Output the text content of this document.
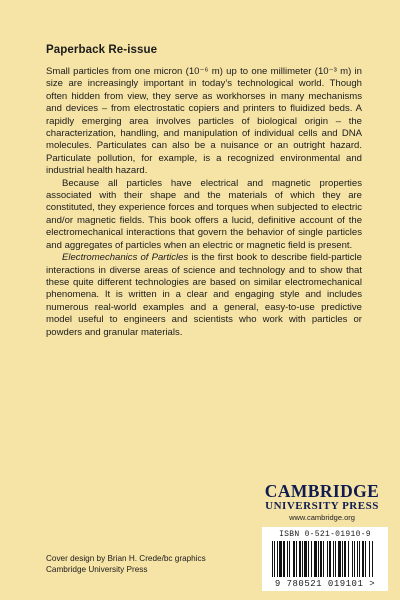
Paperback Re-issue

Small particles from one micron (10⁻⁶ m) up to one millimeter (10⁻³ m) in size are increasingly important in today’s technological world. Though often hidden from view, they serve as workhorses in many mechanisms and devices – from electrostatic copiers and printers to fluidized beds. A rapidly emerging area involves particles of biological origin – the characterization, handling, and manipulation of individual cells and DNA molecules. Particulates can also be a nuisance or an outright hazard. Particulate pollution, for example, is a recognized environmental and industrial health hazard.

Because all particles have electrical and magnetic properties associated with their shape and the materials of which they are constituted, they experience forces and torques when subjected to electric and/or magnetic fields. This book offers a lucid, definitive account of the electromechanical interactions that govern the behavior of single particles and aggregates of particles when an electric or magnetic field is present.

Electromechanics of Particles is the first book to describe field-particle interactions in diverse areas of science and technology and to show that these quite different technologies are based on similar electromechanical phenomena. It is written in a clear and engaging style and includes numerous real-world examples and a general, easy-to-use predictive model useful to engineers and scientists who work with particles or powders and granular materials.

CAMBRIDGE
UNIVERSITY PRESS
www.cambridge.org
ISBN 0-521-01910-9
9 780521 019101 >
Cover design by Brian H. Crede/bc graphics
Cambridge University Press
